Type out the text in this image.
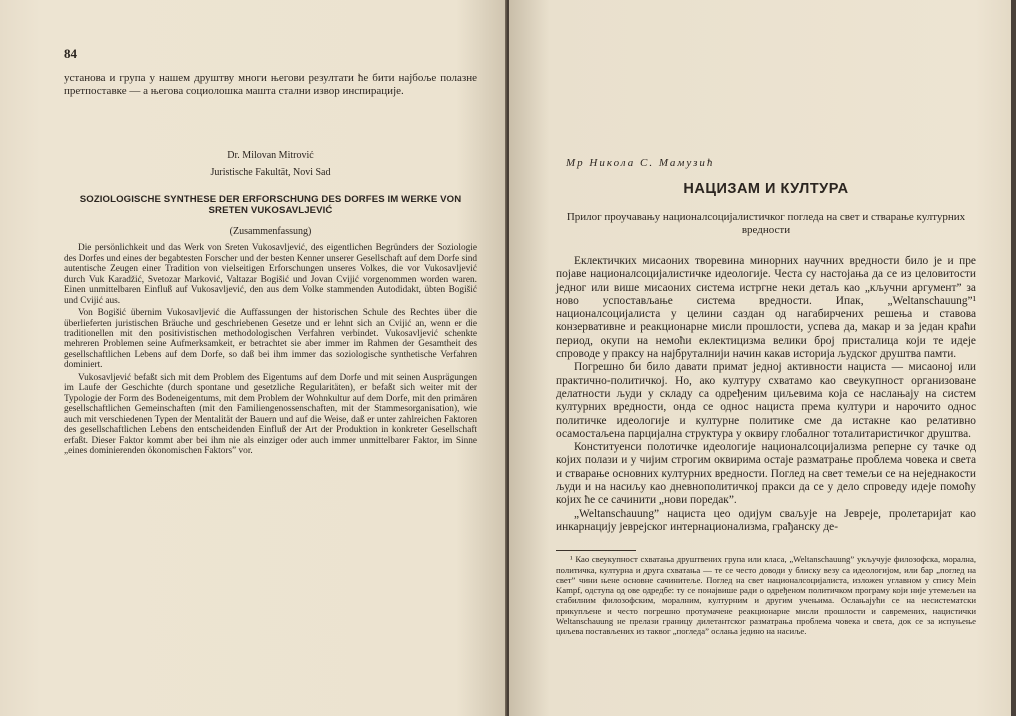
84

установа и група у нашем друштву многи његови резултати ће бити најбоље полазне претпоставке — а његова социолошка машта стални извор инспирације.

Dr. Milovan Mitrović
Juristische Fakultät, Novi Sad
SOZIOLOGISCHE SYNTHESE DER ERFORSCHUNG DES DORFES IM WERKE VON SRETEN VUKOSAVLJEVIĆ
(Zusammenfassung)

Die persönlichkeit und das Werk von Sreten Vukosavljević, des eigentlichen Begründers der Soziologie des Dorfes und eines der begabtesten Forscher und der besten Kenner unserer Gesellschaft auf dem Dorfe sind autentische Zeugen einer Tradition von vielseitigen Erforschungen unseres Volkes, die vor Vukosavljević durch Vuk Karadžić, Svetozar Marković, Valtazar Bogišić und Jovan Cvijić vorgenommen worden waren. Einen unmittelbaren Einfluß auf Vukosavljević, den aus dem Volke stammenden Autodidakt, übten Bogišić und Cvijić aus.

Von Bogišić übernim Vukosavljević die Auffassungen der historischen Schule des Rechtes über die überlieferten juristischen Bräuche und geschriebenen Gesetze und er lehnt sich an Cvijić an, wenn er die traditionellen mit den positivistischen methodologischen Verfahren verbindet. Vukosavljević schenkte mehreren Problemen seine Aufmerksamkeit, er betrachtet sie aber immer im Rahmen der Gesamtheit des gesellschaftlichen Lebens auf dem Dorfe, so daß bei ihm immer das soziologische synthetische Verfahren dominiert.

Vukosavljević befaßt sich mit dem Problem des Eigentums auf dem Dorfe und mit seinen Ausprägungen im Laufe der Geschichte (durch spontane und gesetzliche Regularitäten), er befaßt sich weiter mit der Typologie der Form des Bodeneigentums, mit dem Problem der Wohnkultur auf dem Dorfe, mit den primären gesellschaftlichen Gemeinschaften (mit den Familiengenossenschaften, mit der Stammesorganisation), wie auch mit verschiedenen Typen der Mentalität der Bauern und auf die Weise, daß er unter zahlreichen Faktoren des gesellschaftlichen Lebens den entscheidenden Einfluß der Art der Produktion in konkreter Gesellschaft erfaßt. Dieser Faktor kommt aber bei ihm nie als einziger oder auch immer unmittelbarer Faktor, im Sinne „eines dominierenden ökonomischen Faktors” vor.

Мр Никола С. Мамузић
НАЦИЗАМ И КУЛТУРА
Прилог проучавању националсоцијалистичког погледа на свет и стварање културних вредности

Еклектичких мисаоних творевина минорних научних вредности било је и пре појаве националсоцијалистичке идеологије. Честа су настојања да се из целовитости једног или више мисаоних система истргне неки детаљ као „кључни аргумент” за ново успостављање система вредности. Ипак, „Weltanschauung”¹ националсоцијалиста у целини саздан од нагабирчених решења и ставова конзервативне и реакционарне мисли прошлости, успева да, макар и за један краћи период, окупи на немоћи еклектицизма велики број присталица који те идеје спроводе у праксу на најбруталнији начин какав историја људског друштва памти.

Погрешно би било давати примат једној активности нациста — мисаоној или практично-политичкој. Но, ако културу схватамо као свеукупност организоване делатности људи у складу са одређеним циљевима која се наслањају на систем културних вредности, онда се однос нациста према култури и нарочито однос политичке идеологије и културне политике сме да истакне као релативно осамостаљена парцијална структура у оквиру глобалног тоталитаристичког друштва.

Конституенси полотичке идеологије националсоцијализма реперне су тачке од којих полази и у чијим строгим оквирима остаје разматрање проблема човека и света и стварање основних културних вредности. Поглед на свет темељи се на неједнакости људи и на насиљу као дневнополитичкој пракси да се у дело спроведу идеје помоћу којих ће се сачинити „нови поредак”.

„Weltanschauung” нациста цео одијум сваљује на Јевреје, пролетаријат као инкарнацију јеврејског интернационализма, грађанску де-

¹ Као свеукупност схватања друштвених група или класа, „Weltanschauung” укључује филозофска, морална, политичка, културна и друга схватања — те се често доводи у блиску везу са идеологијом, или бар „поглед на свет” чини њене основне сачинитеље. Поглед на свет националсоцијалиста, изложен углавном у спису Mein Kampf, одступа од ове одредбе: ту се понајвише ради о одређеном политичком програму који није утемељен на стабилним филозофским, моралним, културним и другим учењима. Ослањајући се на несистематски прикупљене и често погрешно протумачене реакционарне мисли прошлости и савремених, нацистички Weltanschauung не прелази границу дилетантског разматрања проблема човека и света, док се за испуњење циљева постављених из таквог „погледа” ослања једино на насиље.
